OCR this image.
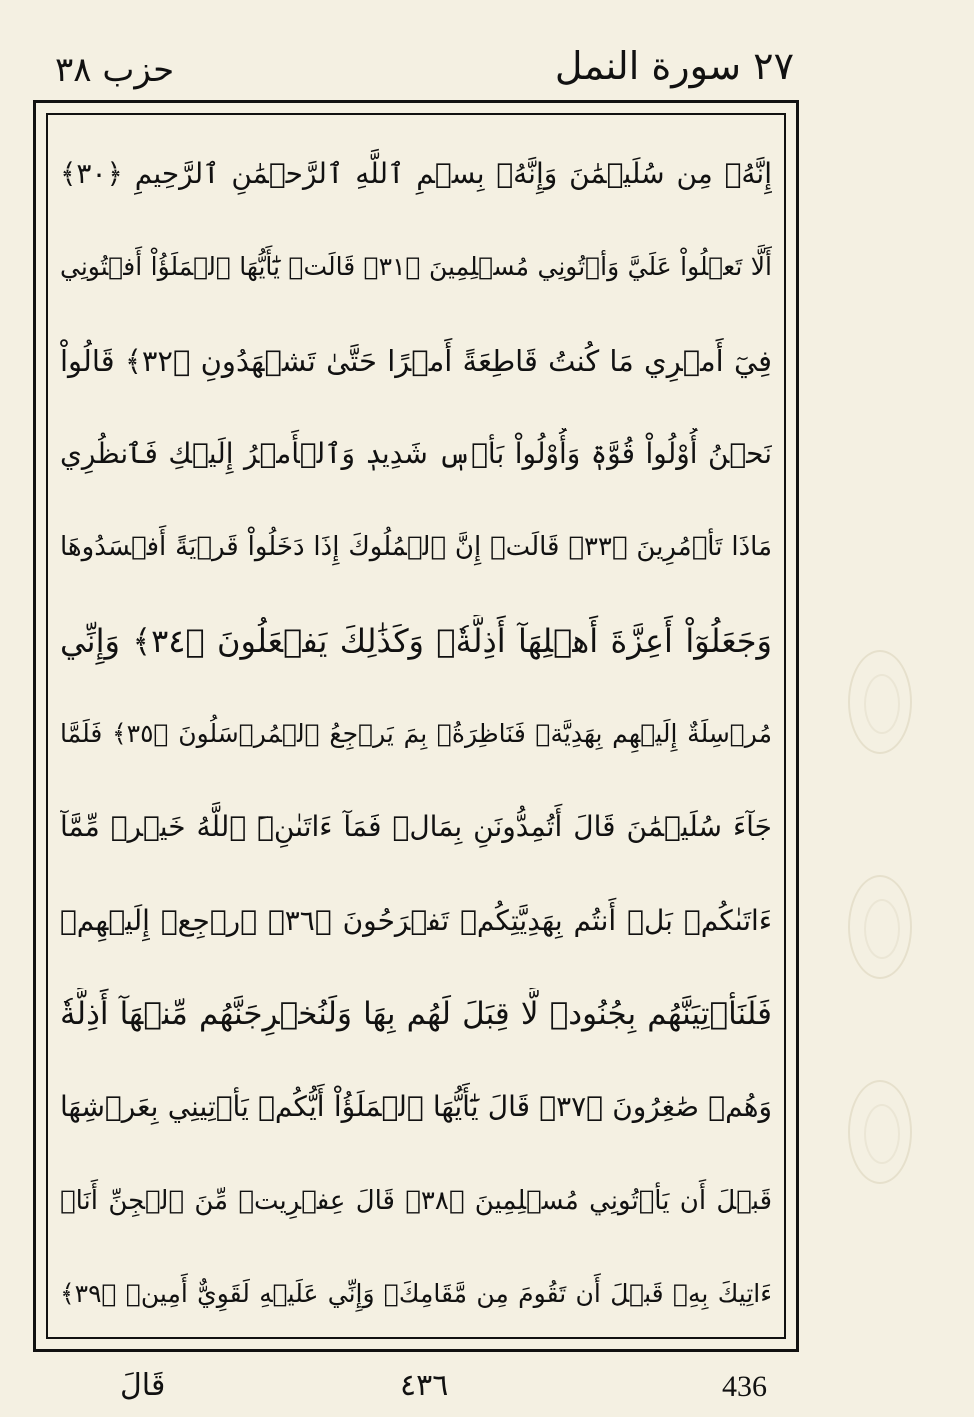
حزب ٣٨	٢٧ سورة النمل
إِنَّهُۥ مِن سُلَيۡمَٰنَ وَإِنَّهُۥ بِسۡمِ ٱللَّهِ ٱلرَّحۡمَٰنِ ٱلرَّحِيمِ ﴿٣٠﴾
أَلَّا تَعۡلُواْ عَلَيَّ وَأۡتُونِي مُسۡلِمِينَ ﴿٣١﴾ قَالَتۡ يَٰٓأَيُّهَا ٱلۡمَلَؤُاْ أَفۡتُونِي
فِيٓ أَمۡرِي مَا كُنتُ قَاطِعَةً أَمۡرًا حَتَّىٰ تَشۡهَدُونِ ﴿٣٢﴾ قَالُواْ
نَحۡنُ أُوْلُواْ قُوَّةٖ وَأُوْلُواْ بَأۡسٖ شَدِيدٖ وَٱلۡأَمۡرُ إِلَيۡكِ فَٱنظُرِي
مَاذَا تَأۡمُرِينَ ﴿٣٣﴾ قَالَتۡ إِنَّ ٱلۡمُلُوكَ إِذَا دَخَلُواْ قَرۡيَةً أَفۡسَدُوهَا
وَجَعَلُوٓاْ أَعِزَّةَ أَهۡلِهَآ أَذِلَّةٗۚ وَكَذَٰلِكَ يَفۡعَلُونَ ﴿٣٤﴾ وَإِنِّي
مُرۡسِلَةٌ إِلَيۡهِم بِهَدِيَّةٖ فَنَاظِرَةُۢ بِمَ يَرۡجِعُ ٱلۡمُرۡسَلُونَ ﴿٣٥﴾ فَلَمَّا
جَآءَ سُلَيۡمَٰنَ قَالَ أَتُمِدُّونَنِ بِمَالٖ فَمَآ ءَاتَىٰنِۦَ ٱللَّهُ خَيۡرٞ مِّمَّآ
ءَاتَىٰكُمۚ بَلۡ أَنتُم بِهَدِيَّتِكُمۡ تَفۡرَحُونَ ﴿٣٦﴾ ٱرۡجِعۡ إِلَيۡهِمۡ
فَلَنَأۡتِيَنَّهُم بِجُنُودٖ لَّا قِبَلَ لَهُم بِهَا وَلَنُخۡرِجَنَّهُم مِّنۡهَآ أَذِلَّةٗ
وَهُمۡ صَٰغِرُونَ ﴿٣٧﴾ قَالَ يَٰٓأَيُّهَا ٱلۡمَلَؤُاْ أَيُّكُمۡ يَأۡتِينِي بِعَرۡشِهَا
قَبۡلَ أَن يَأۡتُونِي مُسۡلِمِينَ ﴿٣٨﴾ قَالَ عِفۡرِيتٞ مِّنَ ٱلۡجِنِّ أَنَا۠
ءَاتِيكَ بِهِۦ قَبۡلَ أَن تَقُومَ مِن مَّقَامِكَۖ وَإِنِّي عَلَيۡهِ لَقَوِيٌّ أَمِينٞ ﴿٣٩﴾
قَالَ	٤٣٦	436
